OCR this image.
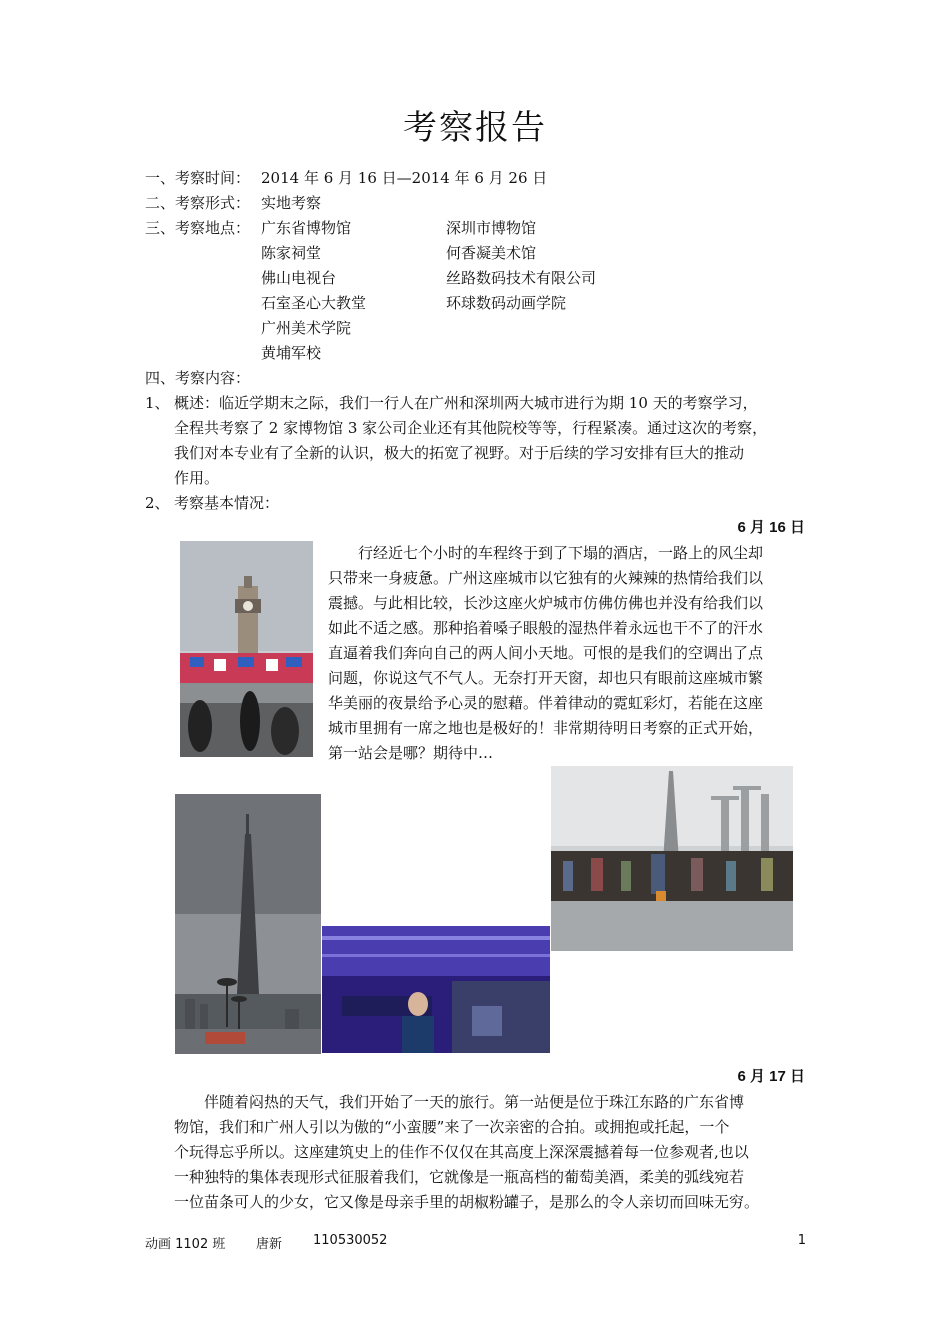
考察报告
一、考察时间： 2014 年 6 月 16 日—2014 年 6 月 26 日
二、考察形式： 实地考察
三、考察地点： 广东省博物馆
陈家祠堂
佛山电视台
石室圣心大教堂
广州美术学院
黄埔军校
深圳市博物馆
何香凝美术馆
丝路数码技术有限公司
环球数码动画学院
四、考察内容：
1、 概述：临近学期末之际，我们一行人在广州和深圳两大城市进行为期 10 天的考察学习，
全程共考察了 2 家博物馆 3 家公司企业还有其他院校等等，行程紧凑。通过这次的考察，
我们对本专业有了全新的认识，极大的拓宽了视野。对于后续的学习安排有巨大的推动
作用。
2、 考察基本情况：
6 月 16 日
　　行经近七个小时的车程终于到了下塌的酒店，一路上的风尘却
只带来一身疲惫。广州这座城市以它独有的火辣辣的热情给我们以
震撼。与此相比较，长沙这座火炉城市仿佛仿佛也并没有给我们以
如此不适之感。那种掐着嗓子眼般的湿热伴着永远也干不了的汗水
直逼着我们奔向自己的两人间小天地。可恨的是我们的空调出了点
问题，你说这气不气人。无奈打开天窗，却也只有眼前这座城市繁
华美丽的夜景给予心灵的慰藉。伴着律动的霓虹彩灯，若能在这座
城市里拥有一席之地也是极好的！非常期待明日考察的正式开始，
第一站会是哪？期待中…
6 月 17 日
　　伴随着闷热的天气，我们开始了一天的旅行。第一站便是位于珠江东路的广东省博
物馆，我们和广州人引以为傲的“小蛮腰”来了一次亲密的合拍。或拥抱或托起，一个
个玩得忘乎所以。这座建筑史上的佳作不仅仅在其高度上深深震撼着每一位参观者,也以
一种独特的集体表现形式征服着我们，它就像是一瓶高档的葡萄美酒，柔美的弧线宛若
一位苗条可人的少女，它又像是母亲手里的胡椒粉罐子，是那么的令人亲切而回味无穷。
动画 1102 班 唐新 110530052	1
